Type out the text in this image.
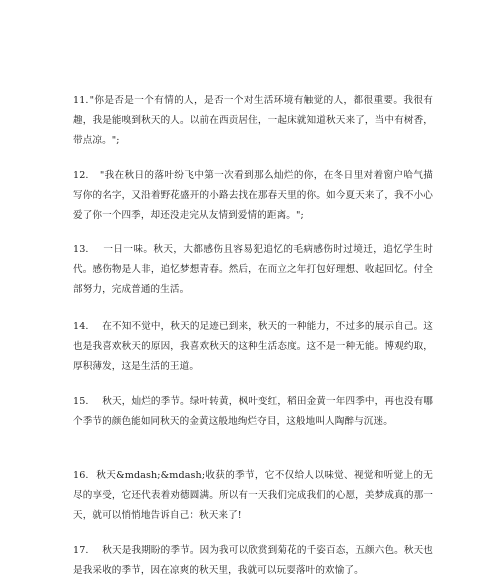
11."你是否是一个有情的人，是否一个对生活环境有触觉的人，都很重要。我很有趣，我是能嗅到秋天的人。以前在西贡居住，一起床就知道秋天来了，当中有树香，带点凉。";

12. "我在秋日的落叶纷飞中第一次看到那么灿烂的你，在冬日里对着窗户哈气描写你的名字，又沿着野花盛开的小路去找在那春天里的你。如今夏天来了，我不小心爱了你一个四季，却还没走完从友情到爱情的距离。";

13. 一日一味。秋天，大都感伤且容易犯追忆的毛病感伤时过境迁，追忆学生时代。感伤物是人非，追忆梦想青春。然后，在而立之年打包好理想、收起回忆。付全部努力，完成普通的生活。

14. 在不知不觉中，秋天的足迹已到来，秋天的一种能力，不过多的展示自己。这也是我喜欢秋天的原因，我喜欢秋天的这种生活态度。这不是一种无能。博观约取，厚积薄发，这是生活的王道。

15. 秋天，灿烂的季节。绿叶转黄，枫叶变红，稻田金黄一年四季中，再也没有哪个季节的颜色能如同秋天的金黄这般地绚烂夺目，这般地叫人陶醉与沉迷。

16. 秋天&mdash;&mdash;收获的季节，它不仅给人以味觉、视觉和听觉上的无尽的享受，它还代表着劝德圆满。所以有一天我们完成我们的心愿，美梦成真的那一天，就可以悄悄地告诉自己：秋天来了!

17. 秋天是我期盼的季节。因为我可以欣赏到菊花的千姿百态，五颜六色。秋天也是我采收的季节，因在凉爽的秋天里，我就可以玩耍落叶的欢愉了。
